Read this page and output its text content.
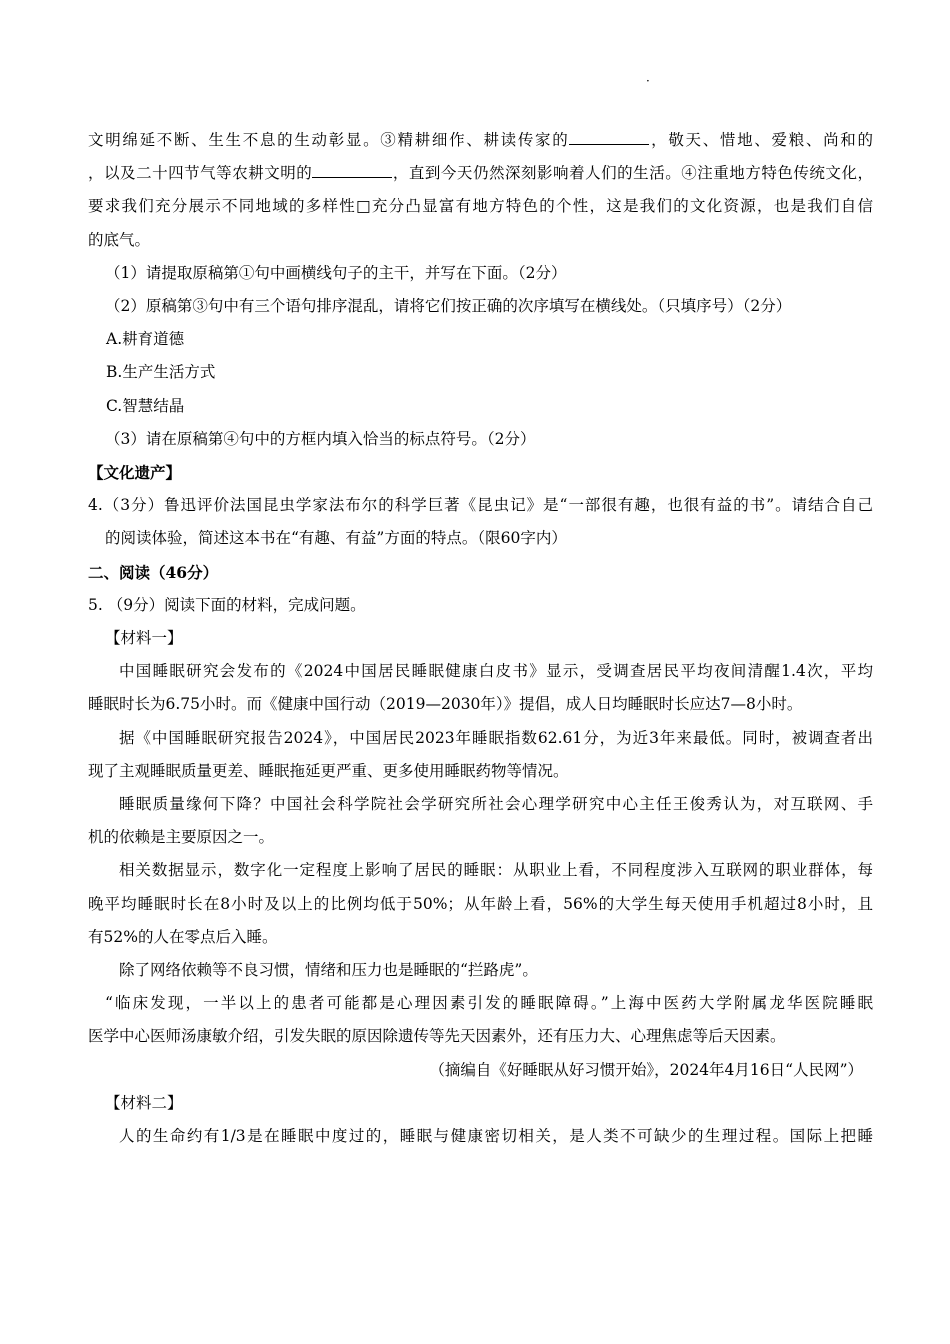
·
文明绵延不断、生生不息的生动彰显。③精耕细作、耕读传家的	，敬天、惜地、爱粮、尚和的
，以及二十四节气等农耕文明的	，直到今天仍然深刻影响着人们的生活。④注重地方特色传统文化，
要求我们充分展示不同地域的多样性□充分凸显富有地方特色的个性，这是我们的文化资源，也是我们自信
的底气。
（1）请提取原稿第①句中画横线句子的主干，并写在下面。（2分）
（2）原稿第③句中有三个语句排序混乱，请将它们按正确的次序填写在横线处。（只填序号）（2分）
A.耕育道德
B.生产生活方式
C.智慧结晶
（3）请在原稿第④句中的方框内填入恰当的标点符号。（2分）
【文化遗产】
4.（3分）鲁迅评价法国昆虫学家法布尔的科学巨著《昆虫记》是“一部很有趣，也很有益的书”。请结合自己
的阅读体验，简述这本书在“有趣、有益”方面的特点。（限60字内）
二、阅读（46分）
5. （9分）阅读下面的材料，完成问题。
【材料一】
中国睡眠研究会发布的《2024中国居民睡眠健康白皮书》显示，受调查居民平均夜间清醒1.4次，平均
睡眠时长为6.75小时。而《健康中国行动（2019—2030年）》提倡，成人日均睡眠时长应达7—8小时。
据《中国睡眠研究报告2024》，中国居民2023年睡眠指数62.61分，为近3年来最低。同时，被调查者出
现了主观睡眠质量更差、睡眠拖延更严重、更多使用睡眠药物等情况。
睡眠质量缘何下降？中国社会科学院社会学研究所社会心理学研究中心主任王俊秀认为，对互联网、手
机的依赖是主要原因之一。
相关数据显示，数字化一定程度上影响了居民的睡眠：从职业上看，不同程度涉入互联网的职业群体，每
晚平均睡眠时长在8小时及以上的比例均低于50%；从年龄上看，56%的大学生每天使用手机超过8小时，且
有52%的人在零点后入睡。
除了网络依赖等不良习惯，情绪和压力也是睡眠的“拦路虎”。
“临床发现，一半以上的患者可能都是心理因素引发的睡眠障碍。”上海中医药大学附属龙华医院睡眠
医学中心医师汤康敏介绍，引发失眠的原因除遗传等先天因素外，还有压力大、心理焦虑等后天因素。
（摘编自《好睡眠从好习惯开始》，2024年4月16日“人民网”）
【材料二】
人的生命约有1/3是在睡眠中度过的，睡眠与健康密切相关，是人类不可缺少的生理过程。国际上把睡
